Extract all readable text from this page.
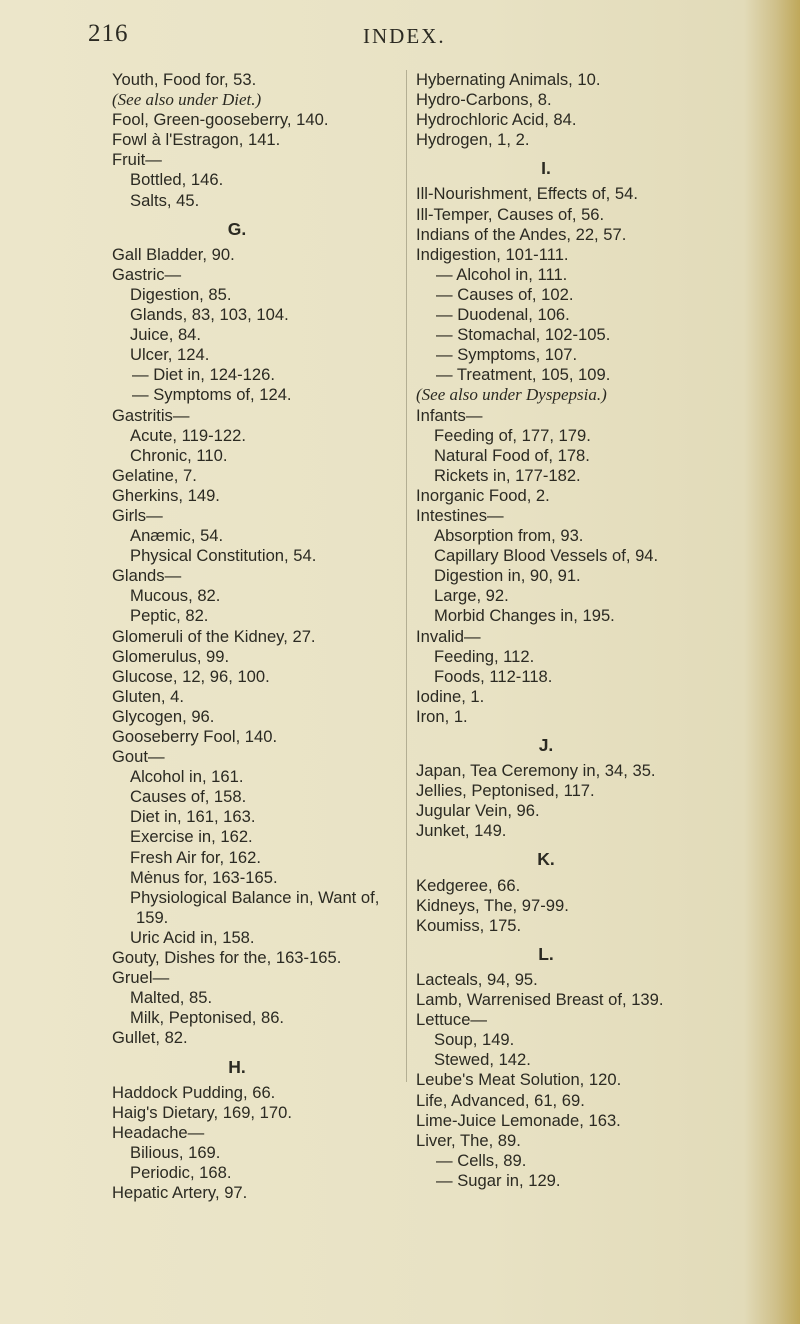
216	INDEX.
Youth, Food for, 53.
(See also under Diet.)
Fool, Green-gooseberry, 140.
Fowl à l'Estragon, 141.
Fruit—
Bottled, 146.
Salts, 45.
G.
Gall Bladder, 90.
Gastric—
Digestion, 85.
Glands, 83, 103, 104.
Juice, 84.
Ulcer, 124.
— Diet in, 124-126.
— Symptoms of, 124.
Gastritis—
Acute, 119-122.
Chronic, 110.
Gelatine, 7.
Gherkins, 149.
Girls—
Anæmic, 54.
Physical Constitution, 54.
Glands—
Mucous, 82.
Peptic, 82.
Glomeruli of the Kidney, 27.
Glomerulus, 99.
Glucose, 12, 96, 100.
Gluten, 4.
Glycogen, 96.
Gooseberry Fool, 140.
Gout—
Alcohol in, 161.
Causes of, 158.
Diet in, 161, 163.
Exercise in, 162.
Fresh Air for, 162.
Mėnus for, 163-165.
Physiological Balance in, Want of,
159.
Uric Acid in, 158.
Gouty, Dishes for the, 163-165.
Gruel—
Malted, 85.
Milk, Peptonised, 86.
Gullet, 82.
H.
Haddock Pudding, 66.
Haig's Dietary, 169, 170.
Headache—
Bilious, 169.
Periodic, 168.
Hepatic Artery, 97.
Hybernating Animals, 10.
Hydro-Carbons, 8.
Hydrochloric Acid, 84.
Hydrogen, 1, 2.
I.
Ill-Nourishment, Effects of, 54.
Ill-Temper, Causes of, 56.
Indians of the Andes, 22, 57.
Indigestion, 101-111.
— Alcohol in, 111.
— Causes of, 102.
— Duodenal, 106.
— Stomachal, 102-105.
— Symptoms, 107.
— Treatment, 105, 109.
(See also under Dyspepsia.)
Infants—
Feeding of, 177, 179.
Natural Food of, 178.
Rickets in, 177-182.
Inorganic Food, 2.
Intestines—
Absorption from, 93.
Capillary Blood Vessels of, 94.
Digestion in, 90, 91.
Large, 92.
Morbid Changes in, 195.
Invalid—
Feeding, 112.
Foods, 112-118.
Iodine, 1.
Iron, 1.
J.
Japan, Tea Ceremony in, 34, 35.
Jellies, Peptonised, 117.
Jugular Vein, 96.
Junket, 149.
K.
Kedgeree, 66.
Kidneys, The, 97-99.
Koumiss, 175.
L.
Lacteals, 94, 95.
Lamb, Warrenised Breast of, 139.
Lettuce—
Soup, 149.
Stewed, 142.
Leube's Meat Solution, 120.
Life, Advanced, 61, 69.
Lime-Juice Lemonade, 163.
Liver, The, 89.
— Cells, 89.
— Sugar in, 129.
